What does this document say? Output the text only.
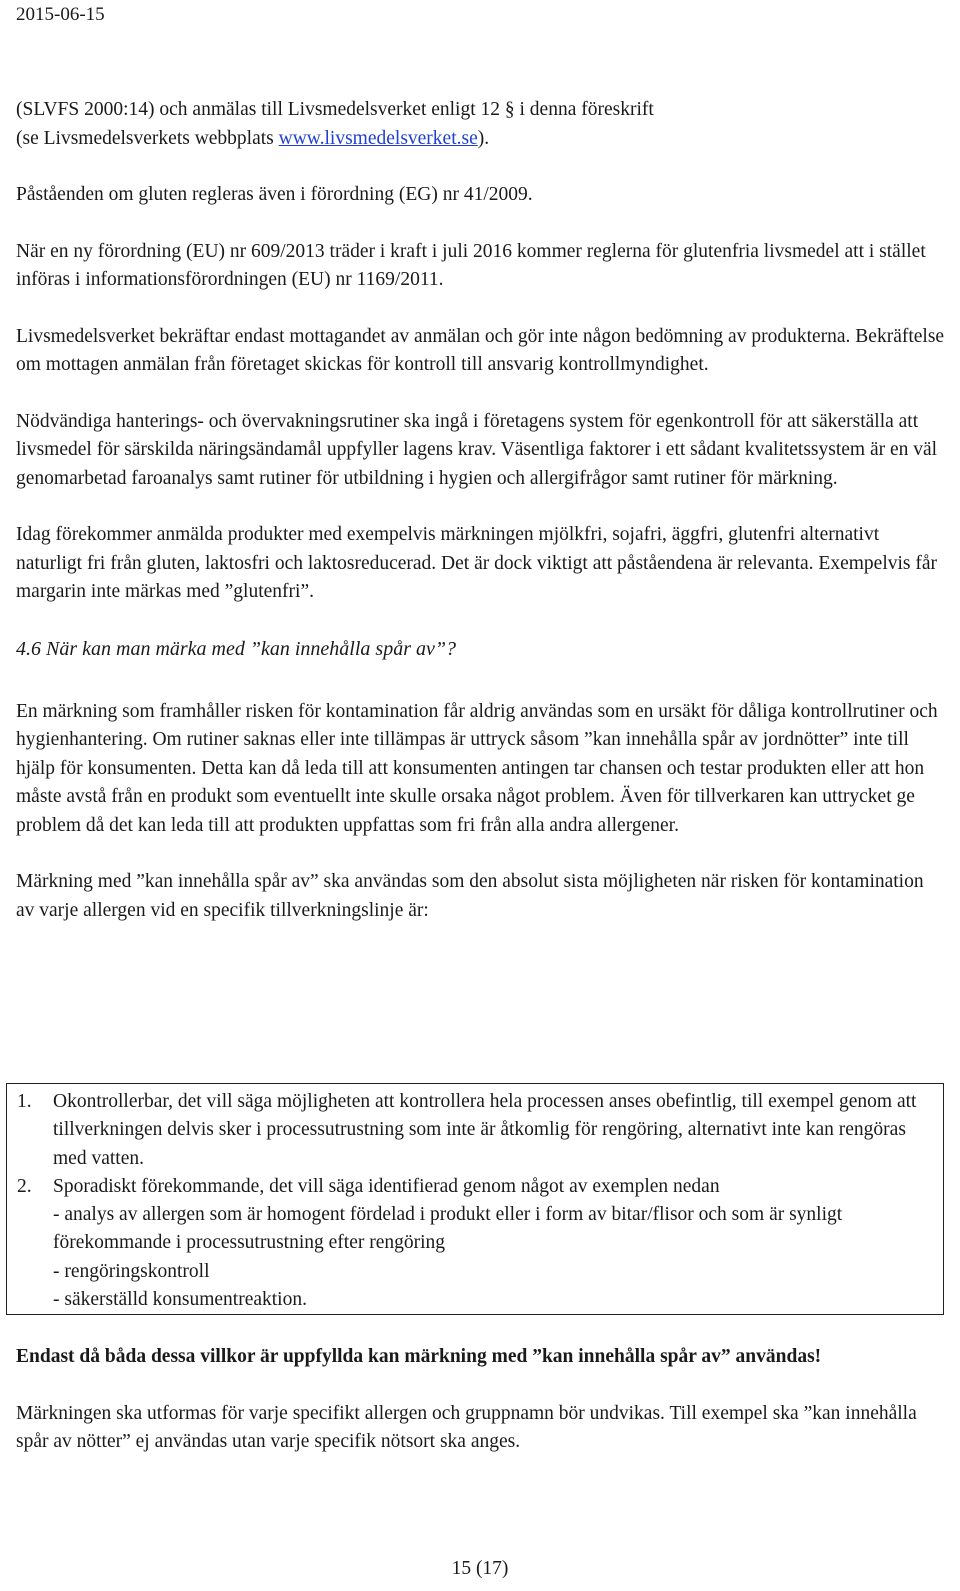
2015-06-15

(SLVFS 2000:14) och anmälas till Livsmedelsverket enligt 12 § i denna föreskrift
(se Livsmedelsverkets webbplats www.livsmedelsverket.se).

Påståenden om gluten regleras även i förordning (EG) nr 41/2009.

När en ny förordning (EU) nr 609/2013 träder i kraft i juli 2016 kommer reglerna för glutenfria livsmedel att i stället införas i informationsförordningen (EU) nr 1169/2011.

Livsmedelsverket bekräftar endast mottagandet av anmälan och gör inte någon bedömning av produkterna. Bekräftelse om mottagen anmälan från företaget skickas för kontroll till ansvarig kontrollmyndighet.

Nödvändiga hanterings- och övervakningsrutiner ska ingå i företagens system för egenkontroll för att säkerställa att livsmedel för särskilda näringsändamål uppfyller lagens krav. Väsentliga faktorer i ett sådant kvalitetssystem är en väl genomarbetad faroanalys samt rutiner för utbildning i hygien och allergifrågor samt rutiner för märkning.

Idag förekommer anmälda produkter med exempelvis märkningen mjölkfri, sojafri, äggfri, glutenfri alternativt naturligt fri från gluten, laktosfri och laktosreducerad. Det är dock viktigt att påståendena är relevanta. Exempelvis får margarin inte märkas med ”glutenfri”.

4.6 När kan man märka med ”kan innehålla spår av”?

En märkning som framhåller risken för kontamination får aldrig användas som en ursäkt för dåliga kontrollrutiner och hygienhantering. Om rutiner saknas eller inte tillämpas är uttryck såsom ”kan innehålla spår av jordnötter” inte till hjälp för konsumenten. Detta kan då leda till att konsumenten antingen tar chansen och testar produkten eller att hon måste avstå från en produkt som eventuellt inte skulle orsaka något problem. Även för tillverkaren kan uttrycket ge problem då det kan leda till att produkten uppfattas som fri från alla andra allergener.

Märkning med ”kan innehålla spår av” ska användas som den absolut sista möjligheten när risken för kontamination av varje allergen vid en specifik tillverkningslinje är:

1. Okontrollerbar, det vill säga möjligheten att kontrollera hela processen anses obefintlig, till exempel genom att tillverkningen delvis sker i processutrustning som inte är åtkomlig för rengöring, alternativt inte kan rengöras med vatten.
2. Sporadiskt förekommande, det vill säga identifierad genom något av exemplen nedan
- analys av allergen som är homogent fördelad i produkt eller i form av bitar/flisor och som är synligt förekommande i processutrustning efter rengöring
- rengöringskontroll
- säkerställd konsumentreaktion.

Endast då båda dessa villkor är uppfyllda kan märkning med ”kan innehålla spår av” användas!

Märkningen ska utformas för varje specifikt allergen och gruppnamn bör undvikas. Till exempel ska ”kan innehålla spår av nötter” ej användas utan varje specifik nötsort ska anges.

15 (17)
